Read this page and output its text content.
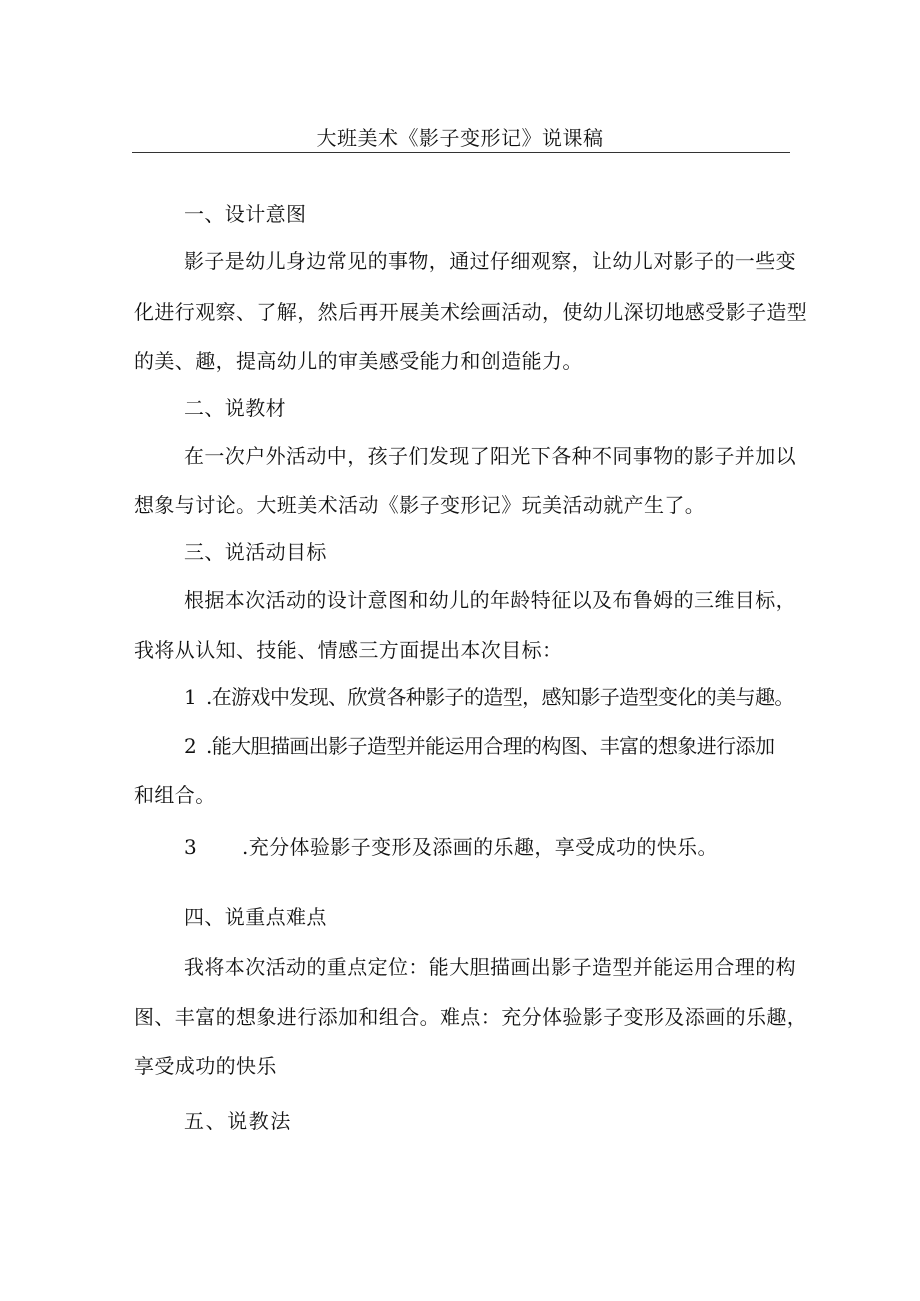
大班美术《影子变形记》说课稿
一、设计意图
影子是幼儿身边常见的事物，通过仔细观察，让幼儿对影子的一些变
化进行观察、了解，然后再开展美术绘画活动，使幼儿深切地感受影子造型
的美、趣，提高幼儿的审美感受能力和创造能力。
二、说教材
在一次户外活动中，孩子们发现了阳光下各种不同事物的影子并加以
想象与讨论。大班美术活动《影子变形记》玩美活动就产生了。
三、说活动目标
根据本次活动的设计意图和幼儿的年龄特征以及布鲁姆的三维目标，
我将从认知、技能、情感三方面提出本次目标：
1 .在游戏中发现、欣赏各种影子的造型，感知影子造型变化的美与趣。
2 .能大胆描画出影子造型并能运用合理的构图、丰富的想象进行添加
和组合。
3 .充分体验影子变形及添画的乐趣，享受成功的快乐。
四、说重点难点
我将本次活动的重点定位：能大胆描画出影子造型并能运用合理的构
图、丰富的想象进行添加和组合。难点：充分体验影子变形及添画的乐趣，
享受成功的快乐
五、说教法
